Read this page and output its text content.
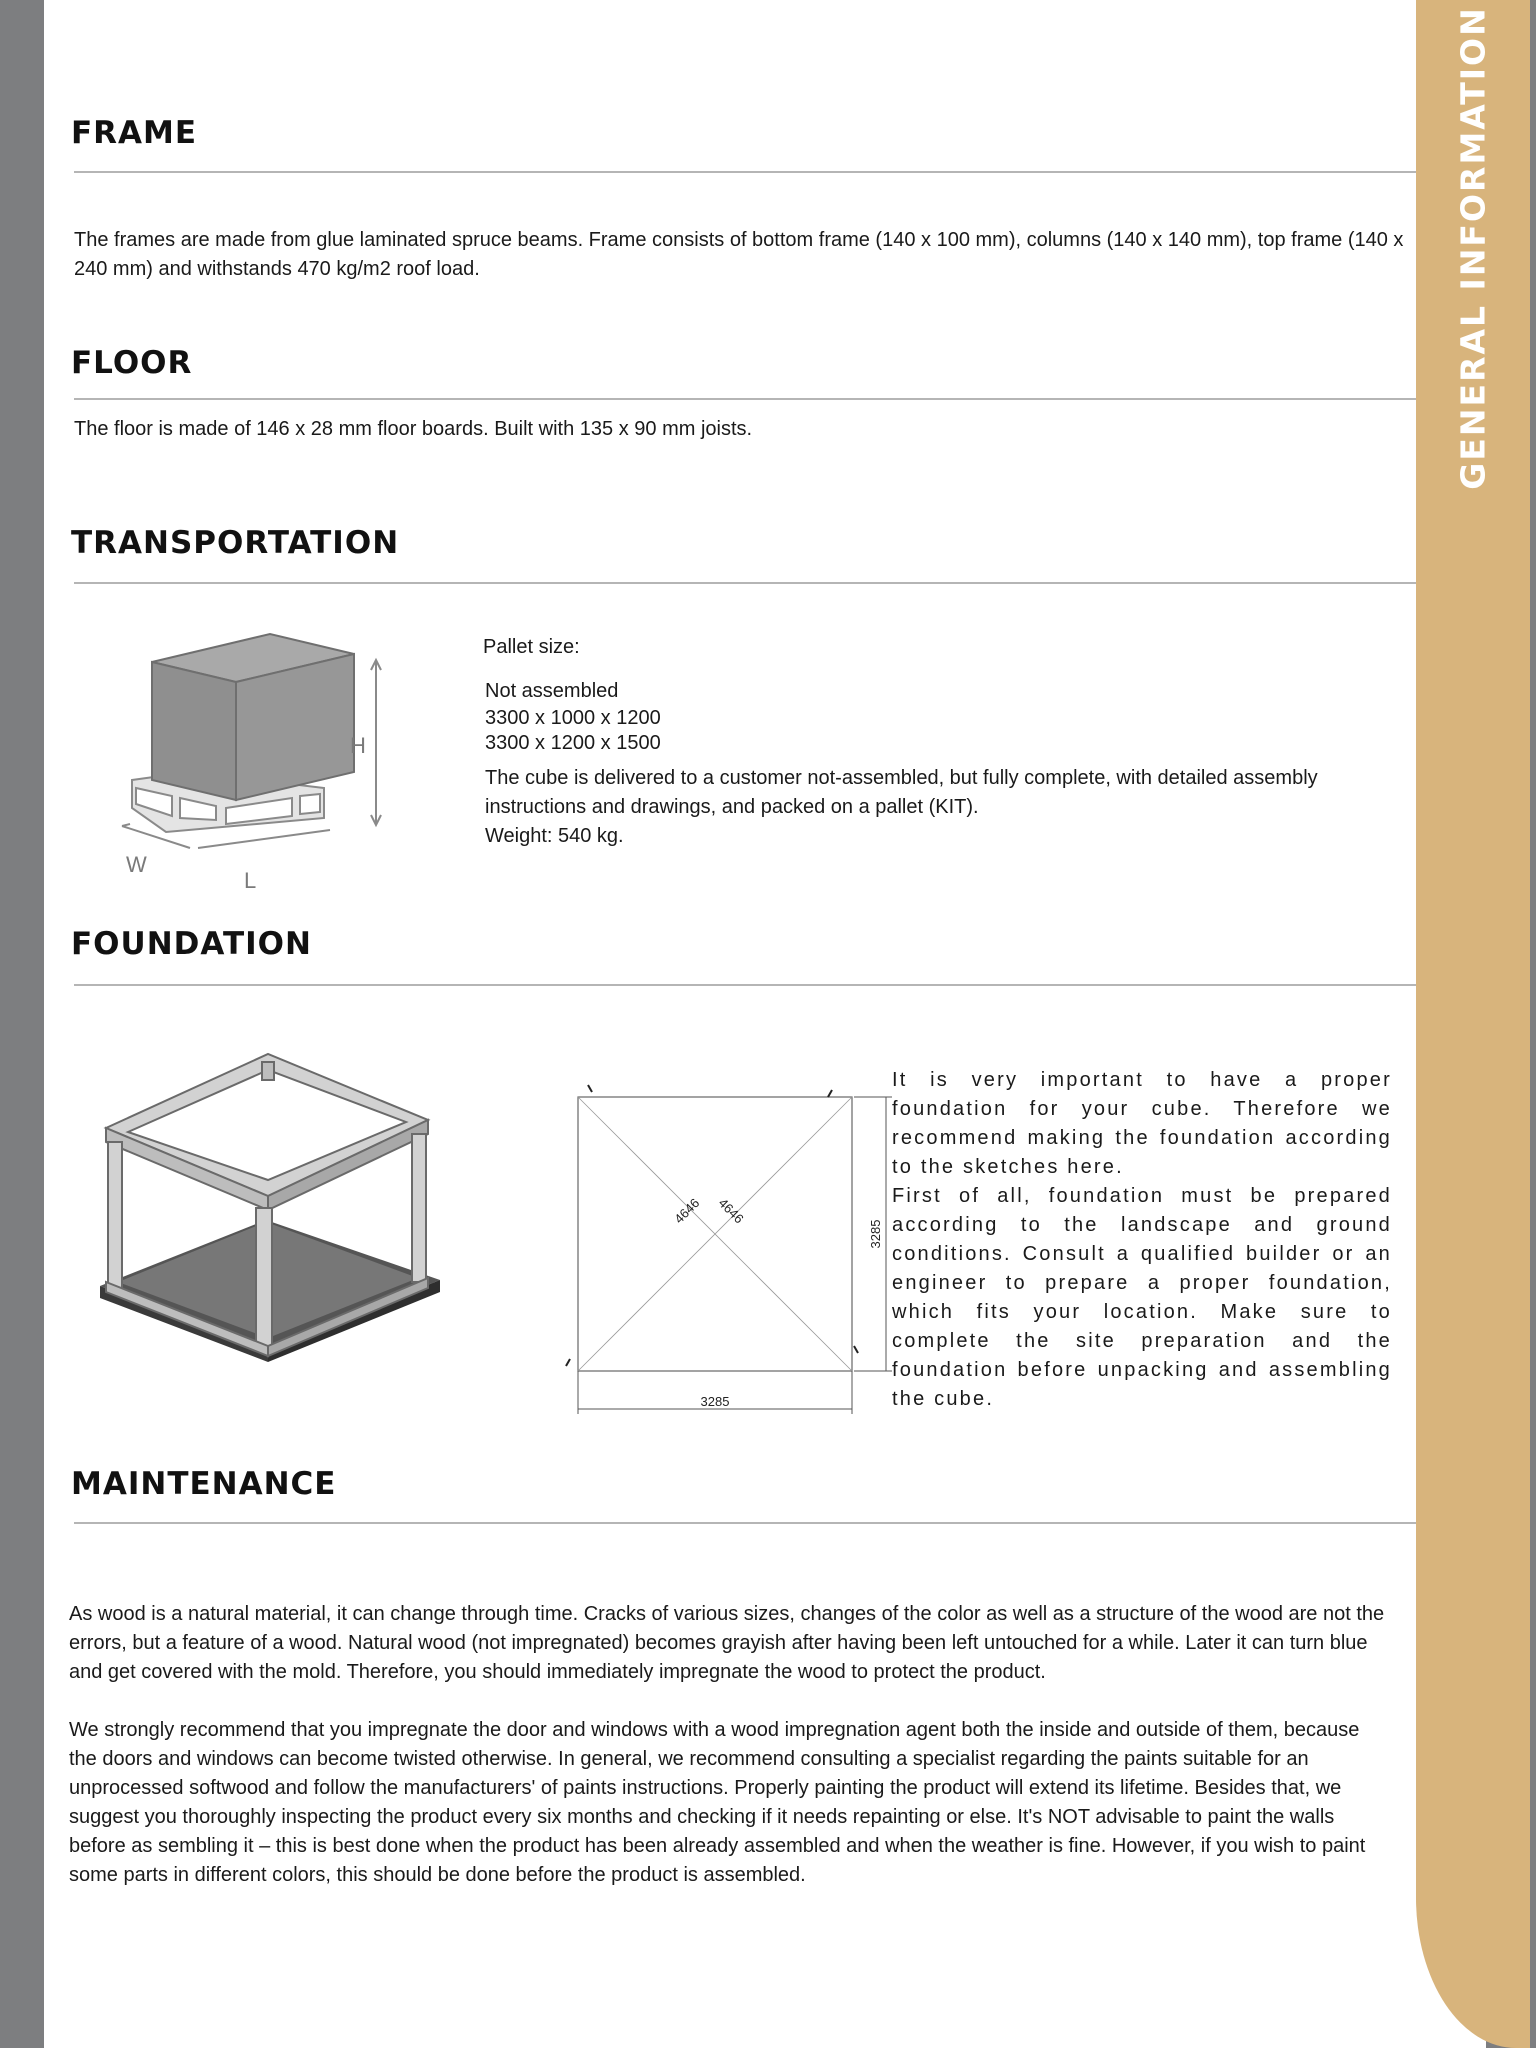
FRAME

The frames are made from glue laminated spruce beams. Frame consists of bottom frame (140 x 100 mm), columns (140 x 140 mm), top frame (140 x 240 mm) and withstands 470 kg/m2 roof load.

FLOOR

The floor is made of 146 x 28 mm floor boards. Built with 135 x 90 mm joists.

TRANSPORTATION
H
W
L

Pallet size:

Not assembled

3300 x 1000 x 1200

3300 x 1200 x 1500

The cube is delivered to a customer not-assembled, but fully complete, with detailed assembly instructions and drawings, and packed on a pallet (KIT).

Weight: 540 kg.

FOUNDATION
3285
3285
4646 4646

It is very important to have a proper foundation for your cube. Therefore we recommend making the foundation according to the sketches here.

First of all, foundation must be prepared according to the landscape and ground conditions. Consult a qualified builder or an engineer to prepare a proper foundation, which fits your location. Make sure to complete the site preparation and the foundation before unpacking and assembling the cube.

MAINTENANCE

As wood is a natural material, it can change through time. Cracks of various sizes, changes of the color as well as a structure of the wood are not the errors, but a feature of a wood. Natural wood (not impregnated) becomes grayish after having been left untouched for a while. Later it can turn blue and get covered with the mold. Therefore, you should immediately impregnate the wood to protect the product.

We strongly recommend that you impregnate the door and windows with a wood impregnation agent both the inside and outside of them, because the doors and windows can become twisted otherwise. In general, we recommend consulting a specialist regarding the paints suitable for an unprocessed softwood and follow the manufacturers' of paints instructions. Properly painting the product will extend its lifetime. Besides that, we suggest you thoroughly inspecting the product every six months and checking if it needs repainting or else. It's NOT advisable to paint the walls before as sembling it – this is best done when the product has been already assembled and when the weather is fine. However, if you wish to paint some parts in different colors, this should be done before the product is assembled.

GENERAL INFORMATION
